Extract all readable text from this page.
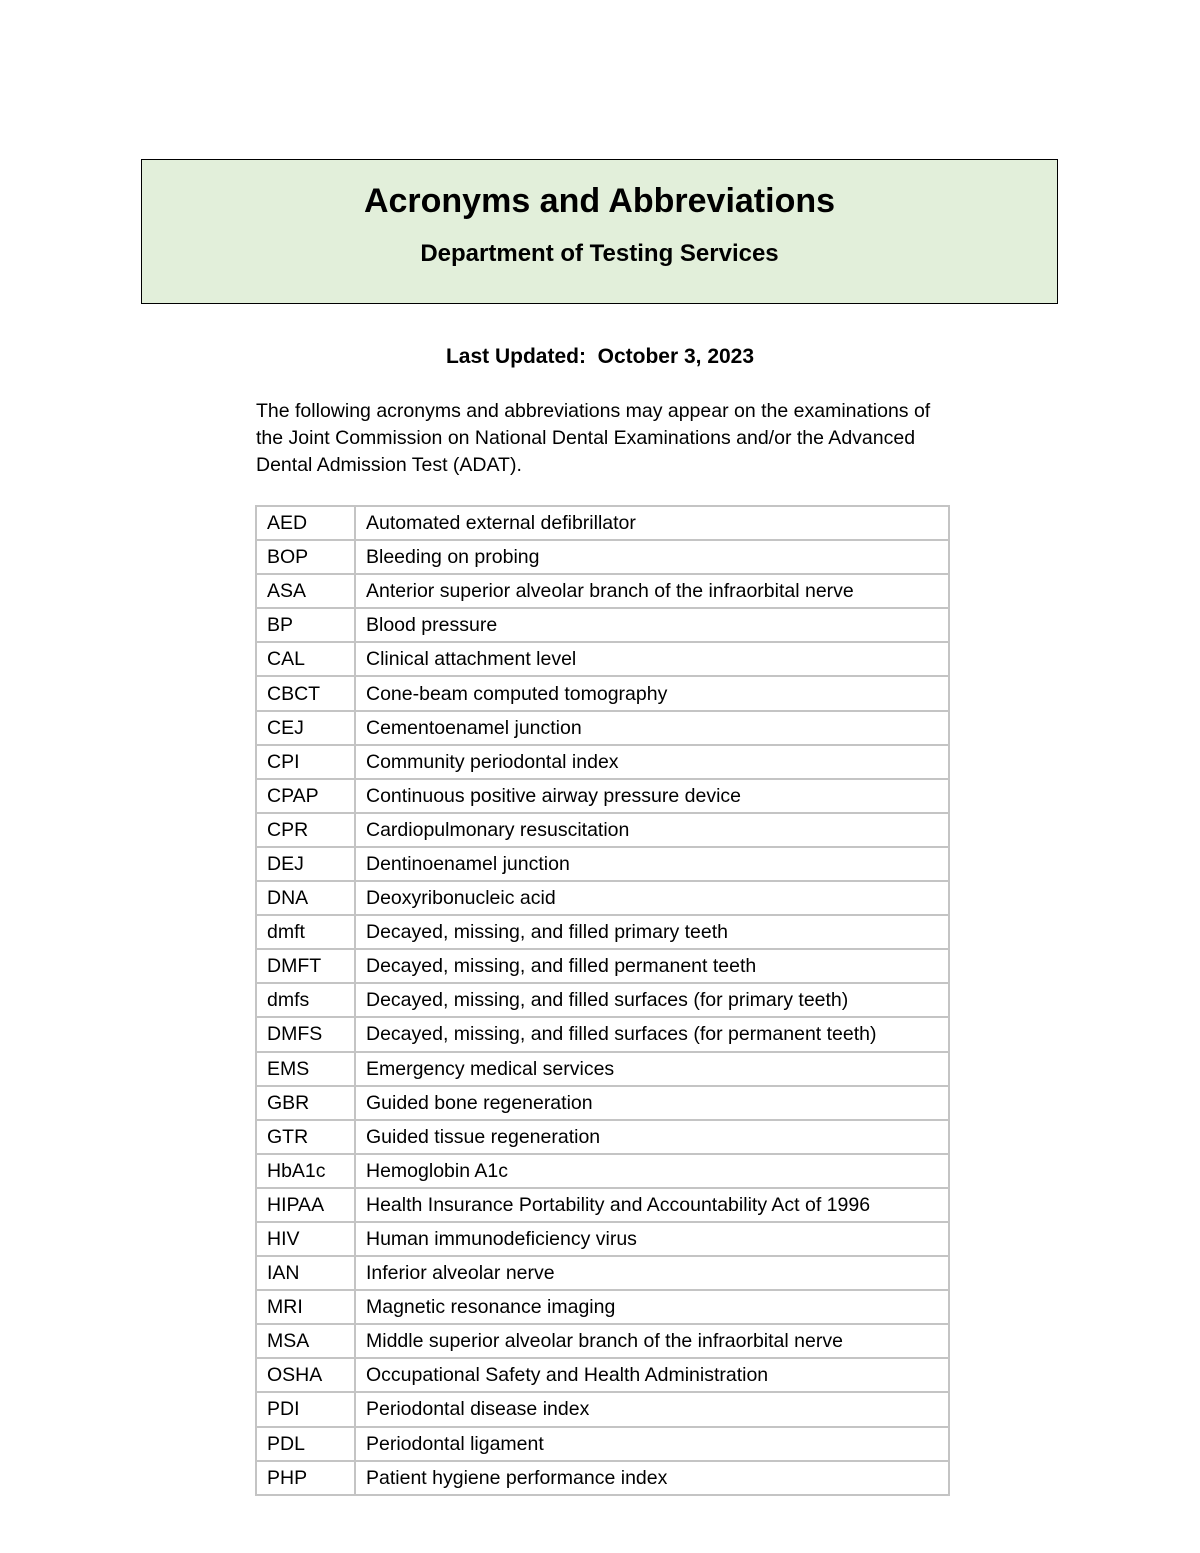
Acronyms and Abbreviations
Department of Testing Services
Last Updated:  October 3, 2023

The following acronyms and abbreviations may appear on the examinations of the Joint Commission on National Dental Examinations and/or the Advanced Dental Admission Test (ADAT).

AED	Automated external defibrillator
BOP	Bleeding on probing
ASA	Anterior superior alveolar branch of the infraorbital nerve
BP	Blood pressure
CAL	Clinical attachment level
CBCT	Cone-beam computed tomography
CEJ	Cementoenamel junction
CPI	Community periodontal index
CPAP	Continuous positive airway pressure device
CPR	Cardiopulmonary resuscitation
DEJ	Dentinoenamel junction
DNA	Deoxyribonucleic acid
dmft	Decayed, missing, and filled primary teeth
DMFT	Decayed, missing, and filled permanent teeth
dmfs	Decayed, missing, and filled surfaces (for primary teeth)
DMFS	Decayed, missing, and filled surfaces (for permanent teeth)
EMS	Emergency medical services
GBR	Guided bone regeneration
GTR	Guided tissue regeneration
HbA1c	Hemoglobin A1c
HIPAA	Health Insurance Portability and Accountability Act of 1996
HIV	Human immunodeficiency virus
IAN	Inferior alveolar nerve
MRI	Magnetic resonance imaging
MSA	Middle superior alveolar branch of the infraorbital nerve
OSHA	Occupational Safety and Health Administration
PDI	Periodontal disease index
PDL	Periodontal ligament
PHP	Patient hygiene performance index
